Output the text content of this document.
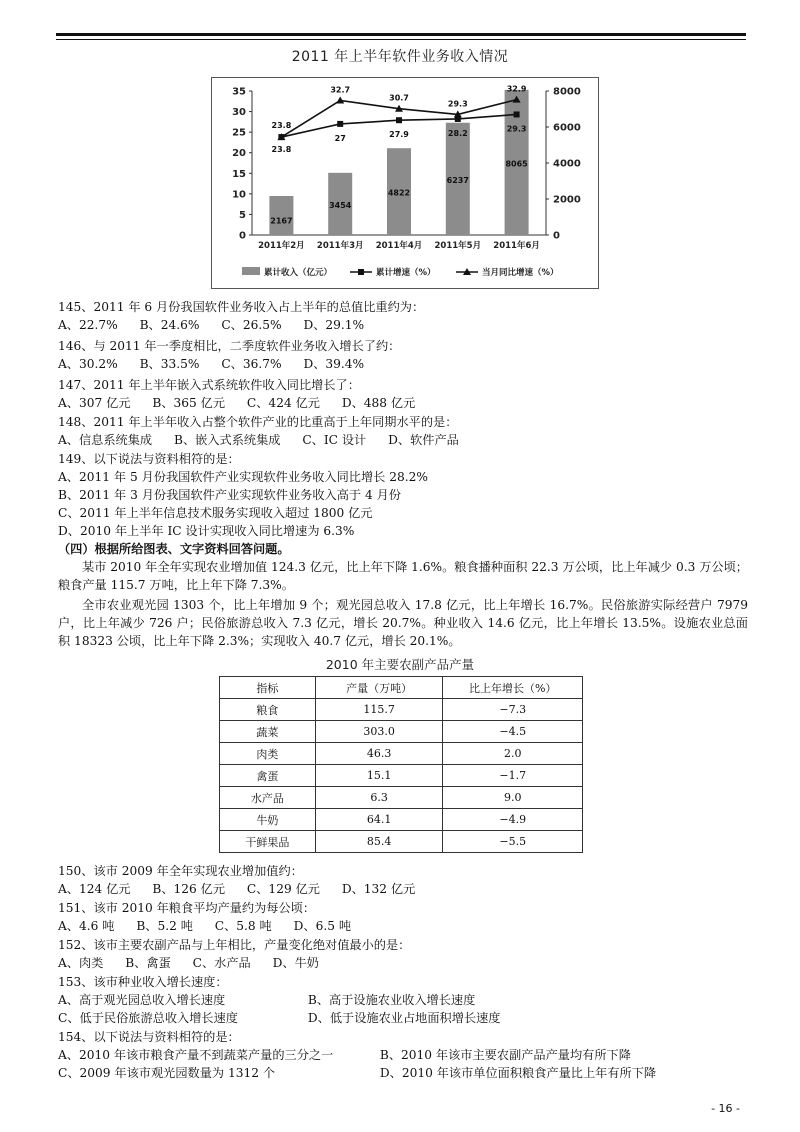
2011 年上半年软件业务收入情况
0
5
10
15
20
25
30
35
0
2000
4000
6000
8000
2167
3454
4822
6237
8065
2011年2月 2011年3月 2011年4月 2011年5月 2011年6月
23.8
27	27.9	28.2
29.3
23.8
32.7
30.7
29.3
32.9
累计收入（亿元）	累计增速（%）	当月同比增速（%）
145、2011 年 6 月份我国软件业务收入占上半年的总值比重约为：
A、22.7% B、24.6% C、26.5% D、29.1%
146、与 2011 年一季度相比，二季度软件业务收入增长了约：
A、30.2% B、33.5% C、36.7% D、39.4%
147、2011 年上半年嵌入式系统软件收入同比增长了：
A、307 亿元 B、365 亿元 C、424 亿元 D、488 亿元
148、2011 年上半年收入占整个软件产业的比重高于上年同期水平的是：
A、信息系统集成 B、嵌入式系统集成 C、IC 设计 D、软件产品
149、以下说法与资料相符的是：
A、2011 年 5 月份我国软件产业实现软件业务收入同比增长 28.2%
B、2011 年 3 月份我国软件产业实现软件业务收入高于 4 月份
C、2011 年上半年信息技术服务实现收入超过 1800 亿元
D、2010 年上半年 IC 设计实现收入同比增速为 6.3%
（四）根据所给图表、文字资料回答问题。
某市 2010 年全年实现农业增加值 124.3 亿元，比上年下降 1.6%。粮食播种面积 22.3 万公顷，比上年减少 0.3 万公顷；粮食产量 115.7 万吨，比上年下降 7.3%。
全市农业观光园 1303 个，比上年增加 9 个；观光园总收入 17.8 亿元，比上年增长 16.7%。民俗旅游实际经营户 7979 户，比上年减少 726 户；民俗旅游总收入 7.3 亿元，增长 20.7%。种业收入 14.6 亿元，比上年增长 13.5%。设施农业总面积 18323 公顷，比上年下降 2.3%；实现收入 40.7 亿元，增长 20.1%。
2010 年主要农副产品产量
指标	产量（万吨）	比上年增长（%）
粮食	115.7	−7.3
蔬菜	303.0	−4.5
肉类	46.3	2.0
禽蛋	15.1	−1.7
水产品	6.3	9.0
牛奶	64.1	−4.9
干鲜果品	85.4	−5.5
150、该市 2009 年全年实现农业增加值约：
A、124 亿元 B、126 亿元 C、129 亿元 D、132 亿元
151、该市 2010 年粮食平均产量约为每公顷：
A、4.6 吨 B、5.2 吨 C、5.8 吨 D、6.5 吨
152、该市主要农副产品与上年相比，产量变化绝对值最小的是：
A、肉类 B、禽蛋 C、水产品 D、牛奶
153、该市种业收入增长速度：
A、高于观光园总收入增长速度	B、高于设施农业收入增长速度
C、低于民俗旅游总收入增长速度	D、低于设施农业占地面积增长速度
154、以下说法与资料相符的是：
A、2010 年该市粮食产量不到蔬菜产量的三分之一	B、2010 年该市主要农副产品产量均有所下降
C、2009 年该市观光园数量为 1312 个	D、2010 年该市单位面积粮食产量比上年有所下降
- 16 -
